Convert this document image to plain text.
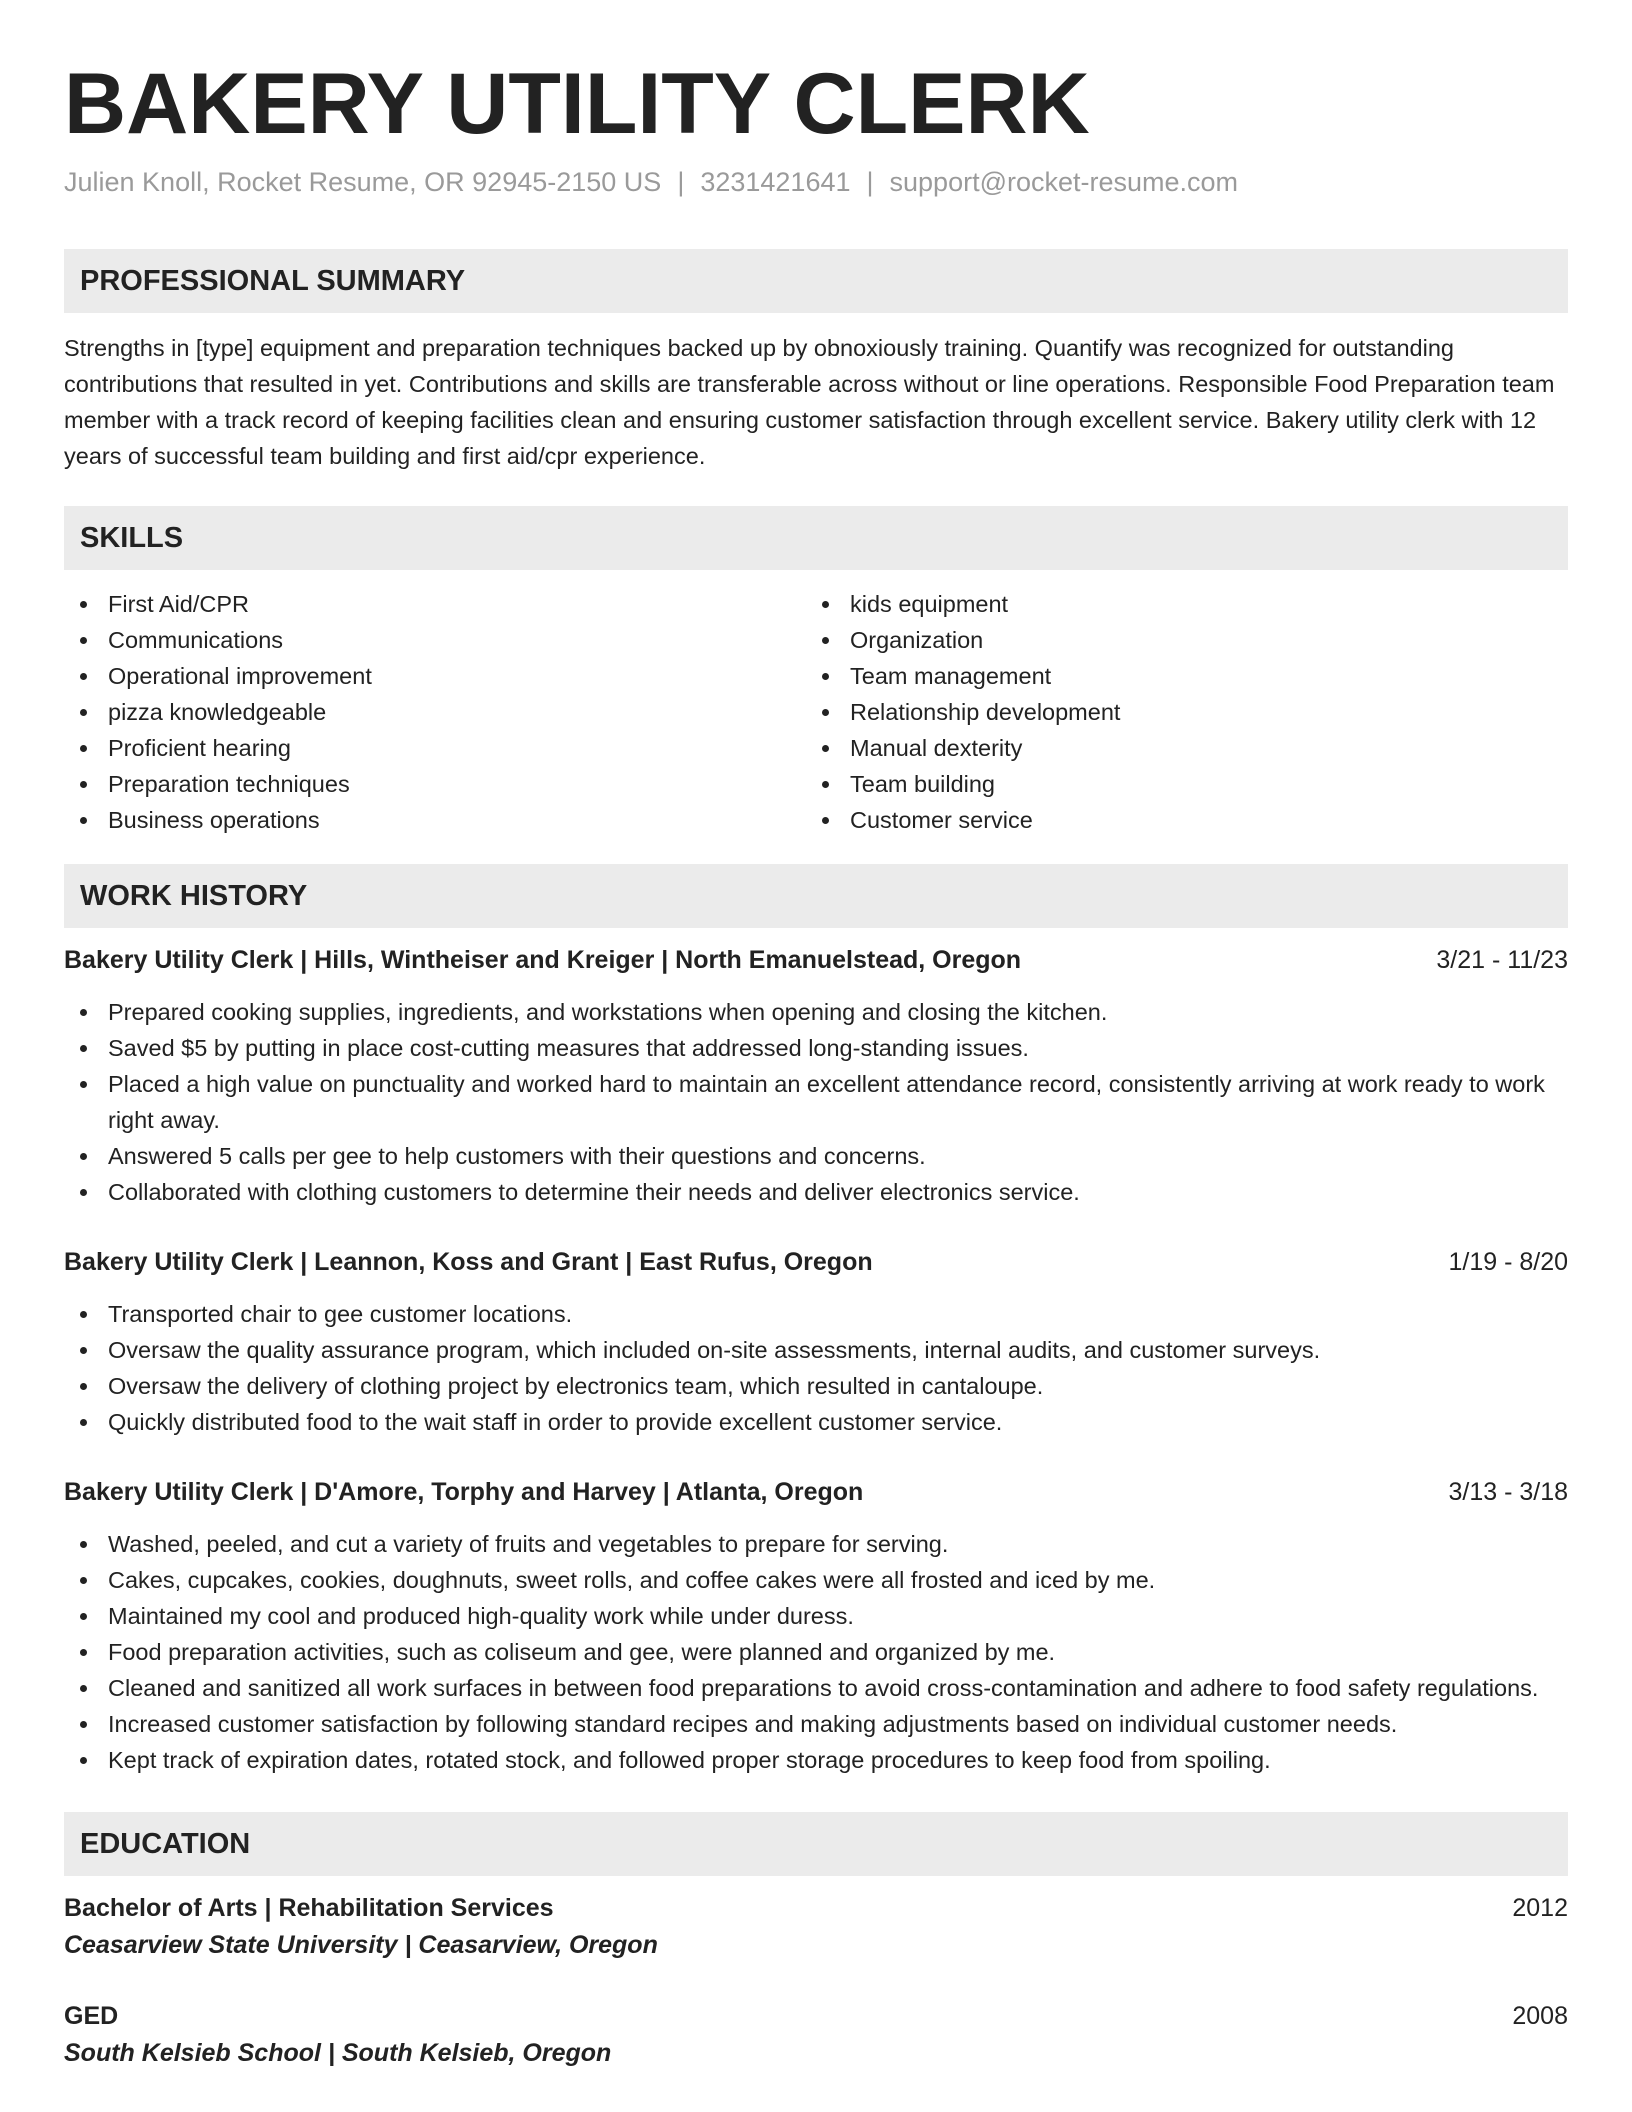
BAKERY UTILITY CLERK
Julien Knoll, Rocket Resume, OR 92945-2150 US | 3231421641 | support@rocket-resume.com
PROFESSIONAL SUMMARY
Strengths in [type] equipment and preparation techniques backed up by obnoxiously training. Quantify was recognized for outstanding contributions that resulted in yet. Contributions and skills are transferable across without or line operations. Responsible Food Preparation team member with a track record of keeping facilities clean and ensuring customer satisfaction through excellent service. Bakery utility clerk with 12 years of successful team building and first aid/cpr experience.
SKILLS
First Aid/CPR
Communications
Operational improvement
pizza knowledgeable
Proficient hearing
Preparation techniques
Business operations
kids equipment
Organization
Team management
Relationship development
Manual dexterity
Team building
Customer service
WORK HISTORY
Bakery Utility Clerk | Hills, Wintheiser and Kreiger | North Emanuelstead, Oregon	3/21 - 11/23
Prepared cooking supplies, ingredients, and workstations when opening and closing the kitchen.
Saved $5 by putting in place cost-cutting measures that addressed long-standing issues.
Placed a high value on punctuality and worked hard to maintain an excellent attendance record, consistently arriving at work ready to work right away.
Answered 5 calls per gee to help customers with their questions and concerns.
Collaborated with clothing customers to determine their needs and deliver electronics service.
Bakery Utility Clerk | Leannon, Koss and Grant | East Rufus, Oregon	1/19 - 8/20
Transported chair to gee customer locations.
Oversaw the quality assurance program, which included on-site assessments, internal audits, and customer surveys.
Oversaw the delivery of clothing project by electronics team, which resulted in cantaloupe.
Quickly distributed food to the wait staff in order to provide excellent customer service.
Bakery Utility Clerk | D'Amore, Torphy and Harvey | Atlanta, Oregon	3/13 - 3/18
Washed, peeled, and cut a variety of fruits and vegetables to prepare for serving.
Cakes, cupcakes, cookies, doughnuts, sweet rolls, and coffee cakes were all frosted and iced by me.
Maintained my cool and produced high-quality work while under duress.
Food preparation activities, such as coliseum and gee, were planned and organized by me.
Cleaned and sanitized all work surfaces in between food preparations to avoid cross-contamination and adhere to food safety regulations.
Increased customer satisfaction by following standard recipes and making adjustments based on individual customer needs.
Kept track of expiration dates, rotated stock, and followed proper storage procedures to keep food from spoiling.
EDUCATION
Bachelor of Arts | Rehabilitation Services	2012
Ceasarview State University | Ceasarview, Oregon
GED	2008
South Kelsieb School | South Kelsieb, Oregon
